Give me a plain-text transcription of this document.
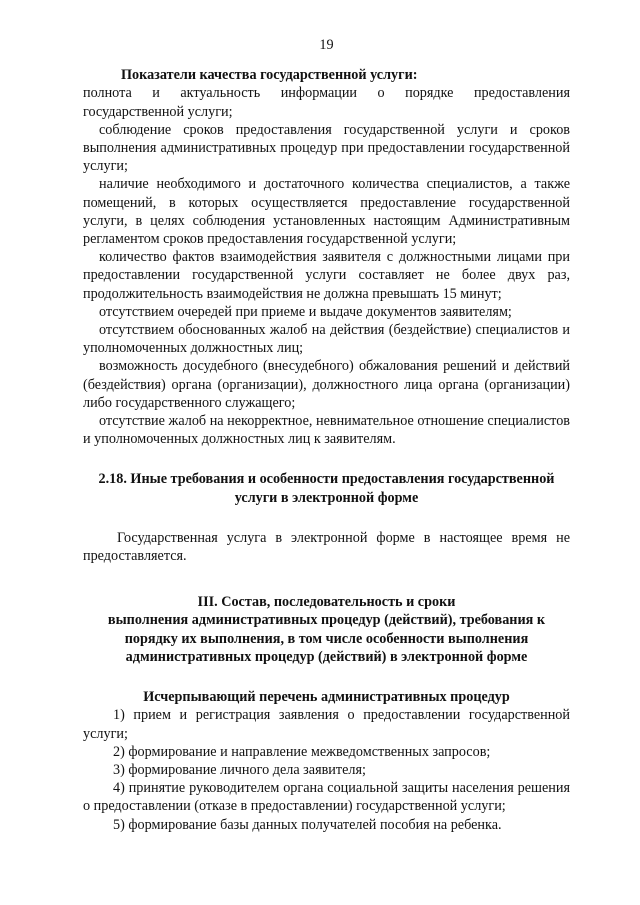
19

Показатели качества государственной услуги:

полнота и актуальность информации о порядке предоставления государственной услуги;

соблюдение сроков предоставления государственной услуги и сроков выполнения административных процедур при предоставлении государственной услуги;

наличие необходимого и достаточного количества специалистов, а также помещений, в которых осуществляется предоставление государственной услуги, в целях соблюдения установленных настоящим Административным регламентом сроков предоставления государственной услуги;

количество фактов взаимодействия заявителя с должностными лицами при предоставлении государственной услуги составляет не более двух раз, продолжительность взаимодействия не должна превышать 15 минут;

отсутствием очередей при приеме и выдаче документов заявителям;

отсутствием обоснованных жалоб на действия (бездействие) специалистов и уполномоченных должностных лиц;

возможность досудебного (внесудебного) обжалования решений и действий (бездействия) органа (организации), должностного лица органа (организации) либо государственного служащего;

отсутствие жалоб на некорректное, невнимательное отношение специалистов и уполномоченных должностных лиц к заявителям.

2.18. Иные требования и особенности предоставления государственной

услуги в электронной форме

Государственная услуга в электронной форме в настоящее время не предоставляется.

III. Состав, последовательность и сроки

выполнения административных процедур (действий), требования к

порядку их выполнения, в том числе особенности выполнения

административных процедур (действий) в электронной форме

Исчерпывающий перечень административных процедур

1) прием и регистрация заявления о предоставлении государственной услуги;
2) формирование и направление межведомственных запросов;
3) формирование личного дела заявителя;
4) принятие руководителем органа социальной защиты населения решения о предоставлении (отказе в предоставлении) государственной услуги;
5) формирование базы данных получателей пособия на ребенка.
